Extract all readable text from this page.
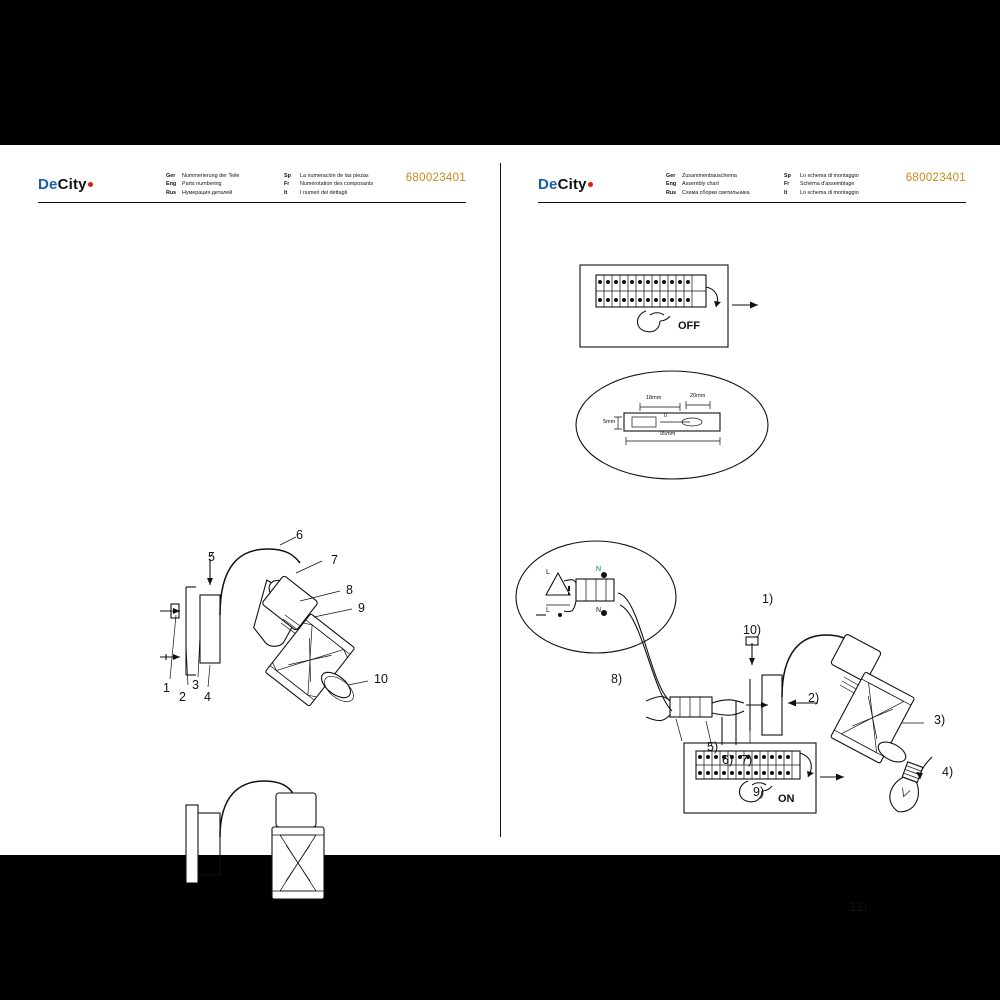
DeCity	680023401
Ger	Nummerierung der Teile	Sp	La numeración de las piezas
Eng	Parts numbering	Fr	Numérotation des composants
Rus	Нумерация деталей	It	I numeri dei dettagli
6
7
8
9
10
5
1
2
3
4
DeCity	680023401
Ger	Zusammenbauschema	Sp	Lo schema di montaggio
Eng	Assembly chart	Fr	Schéma d'assemblage
Rus	Схема сборки светильника	It	Lo schema di montaggio
1)
2)
3)
4)
5)
6) 7)
8)
9)
10)
11)
OFF
ON
18mm	20mm
5mm
95mm
0
L	N
L	N
